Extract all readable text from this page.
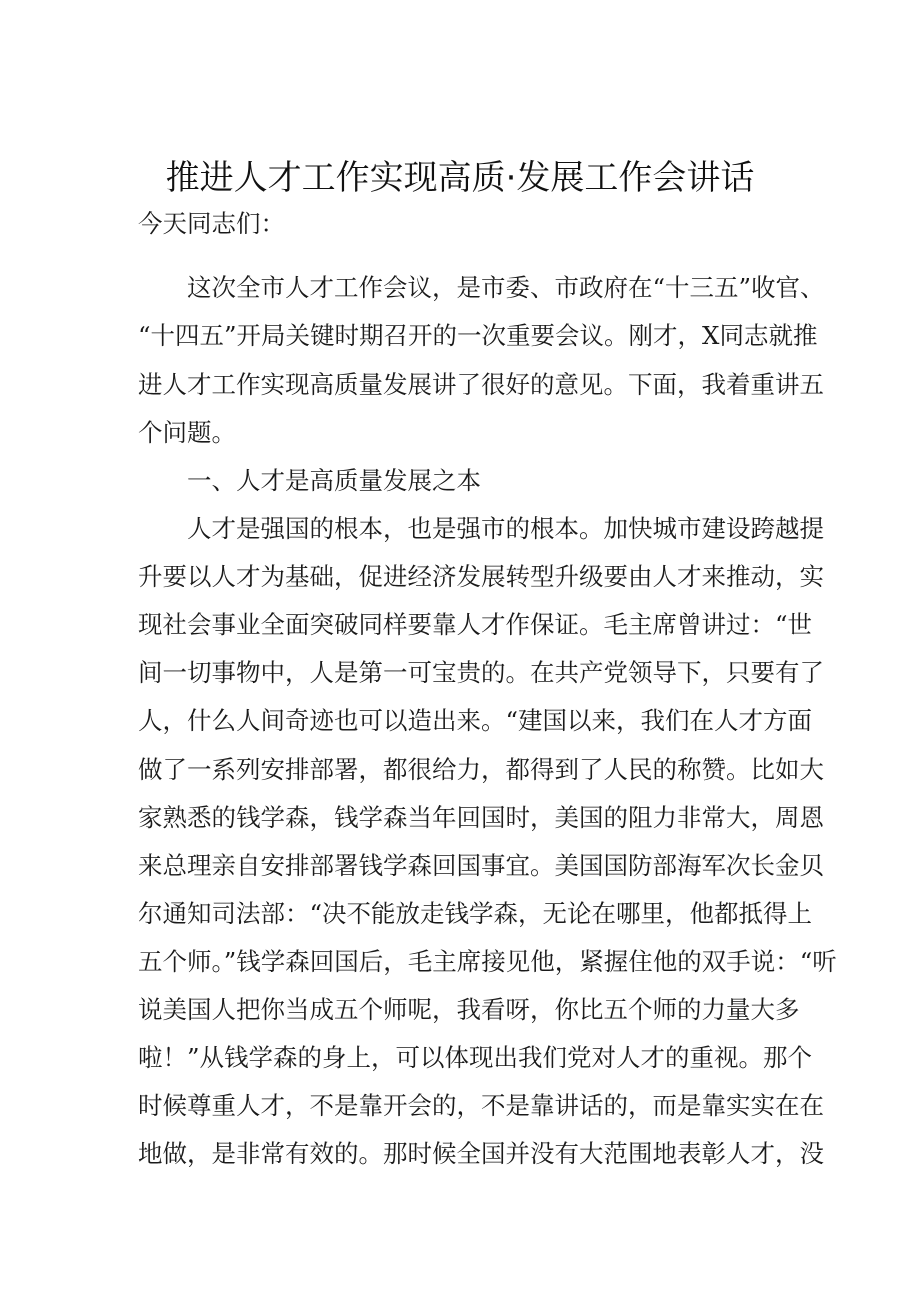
推进人才工作实现高质·发展工作会讲话
今天同志们：
这次全市人才工作会议，是市委、市政府在“十三五”收官、
“十四五”开局关键时期召开的一次重要会议。刚才，X同志就推
进人才工作实现高质量发展讲了很好的意见。下面，我着重讲五
个问题。
一、人才是高质量发展之本
人才是强国的根本，也是强市的根本。加快城市建设跨越提
升要以人才为基础，促进经济发展转型升级要由人才来推动，实
现社会事业全面突破同样要靠人才作保证。毛主席曾讲过：“世
间一切事物中，人是第一可宝贵的。在共产党领导下，只要有了
人，什么人间奇迹也可以造出来。“建国以来，我们在人才方面
做了一系列安排部署，都很给力，都得到了人民的称赞。比如大
家熟悉的钱学森，钱学森当年回国时，美国的阻力非常大，周恩
来总理亲自安排部署钱学森回国事宜。美国国防部海军次长金贝
尔通知司法部：“决不能放走钱学森，无论在哪里，他都抵得上
五个师。”钱学森回国后，毛主席接见他，紧握住他的双手说：“听
说美国人把你当成五个师呢，我看呀，你比五个师的力量大多
啦！”从钱学森的身上，可以体现出我们党对人才的重视。那个
时候尊重人才，不是靠开会的，不是靠讲话的，而是靠实实在在
地做，是非常有效的。那时候全国并没有大范围地表彰人才，没
